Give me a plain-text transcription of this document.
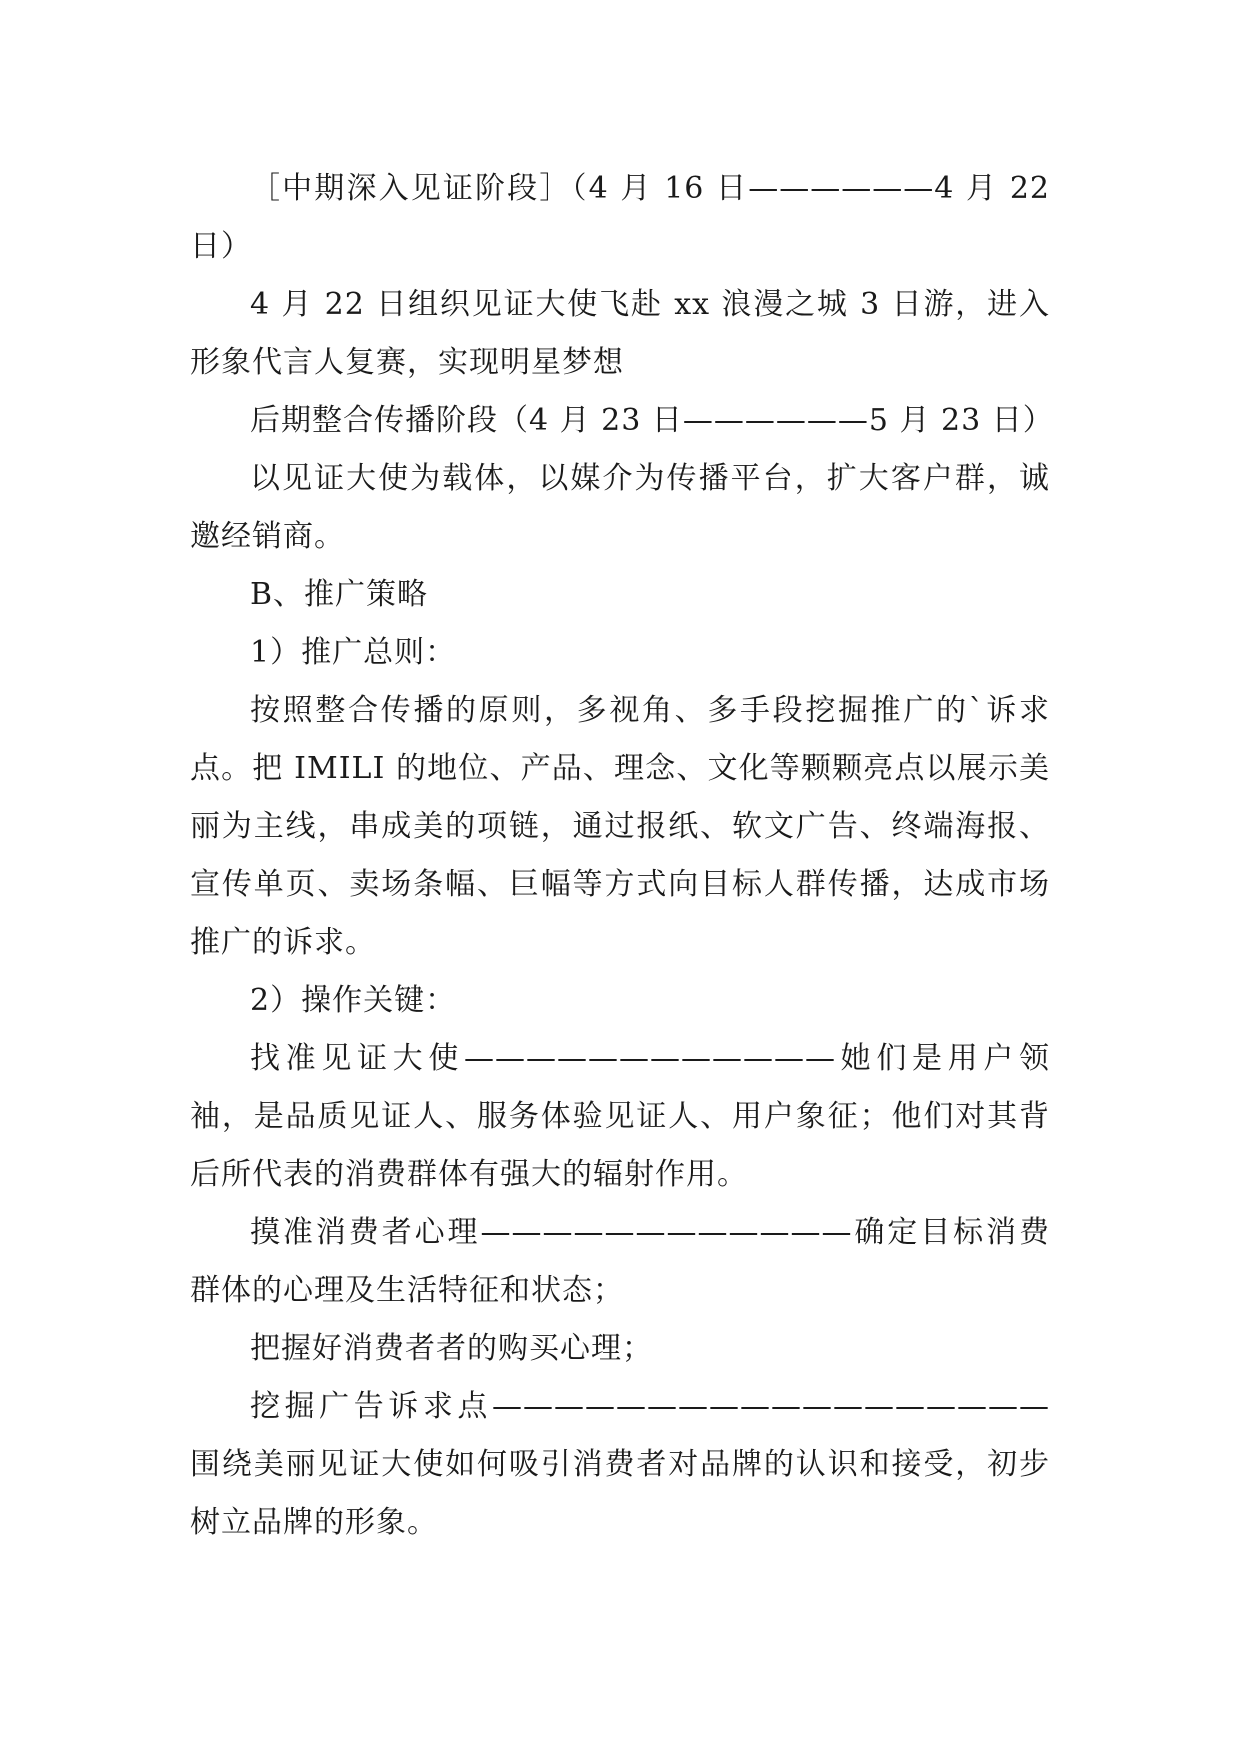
［中期深入见证阶段］（4 月 16 日——————4 月 22 日）

4 月 22 日组织见证大使飞赴 xx 浪漫之城 3 日游，进入形象代言人复赛，实现明星梦想

后期整合传播阶段（4 月 23 日——————5 月 23 日）

以见证大使为载体，以媒介为传播平台，扩大客户群，诚邀经销商。

B、推广策略

1）推广总则：

按照整合传播的原则，多视角、多手段挖掘推广的`诉求点。把 IMILI 的地位、产品、理念、文化等颗颗亮点以展示美丽为主线，串成美的项链，通过报纸、软文广告、终端海报、宣传单页、卖场条幅、巨幅等方式向目标人群传播，达成市场推广的诉求。

2）操作关键：

找准见证大使————————————她们是用户领袖，是品质见证人、服务体验见证人、用户象征；他们对其背后所代表的消费群体有强大的辐射作用。

摸准消费者心理————————————确定目标消费群体的心理及生活特征和状态；

把握好消费者者的购买心理；

挖掘广告诉求点——————————————————围绕美丽见证大使如何吸引消费者对品牌的认识和接受，初步树立品牌的形象。
